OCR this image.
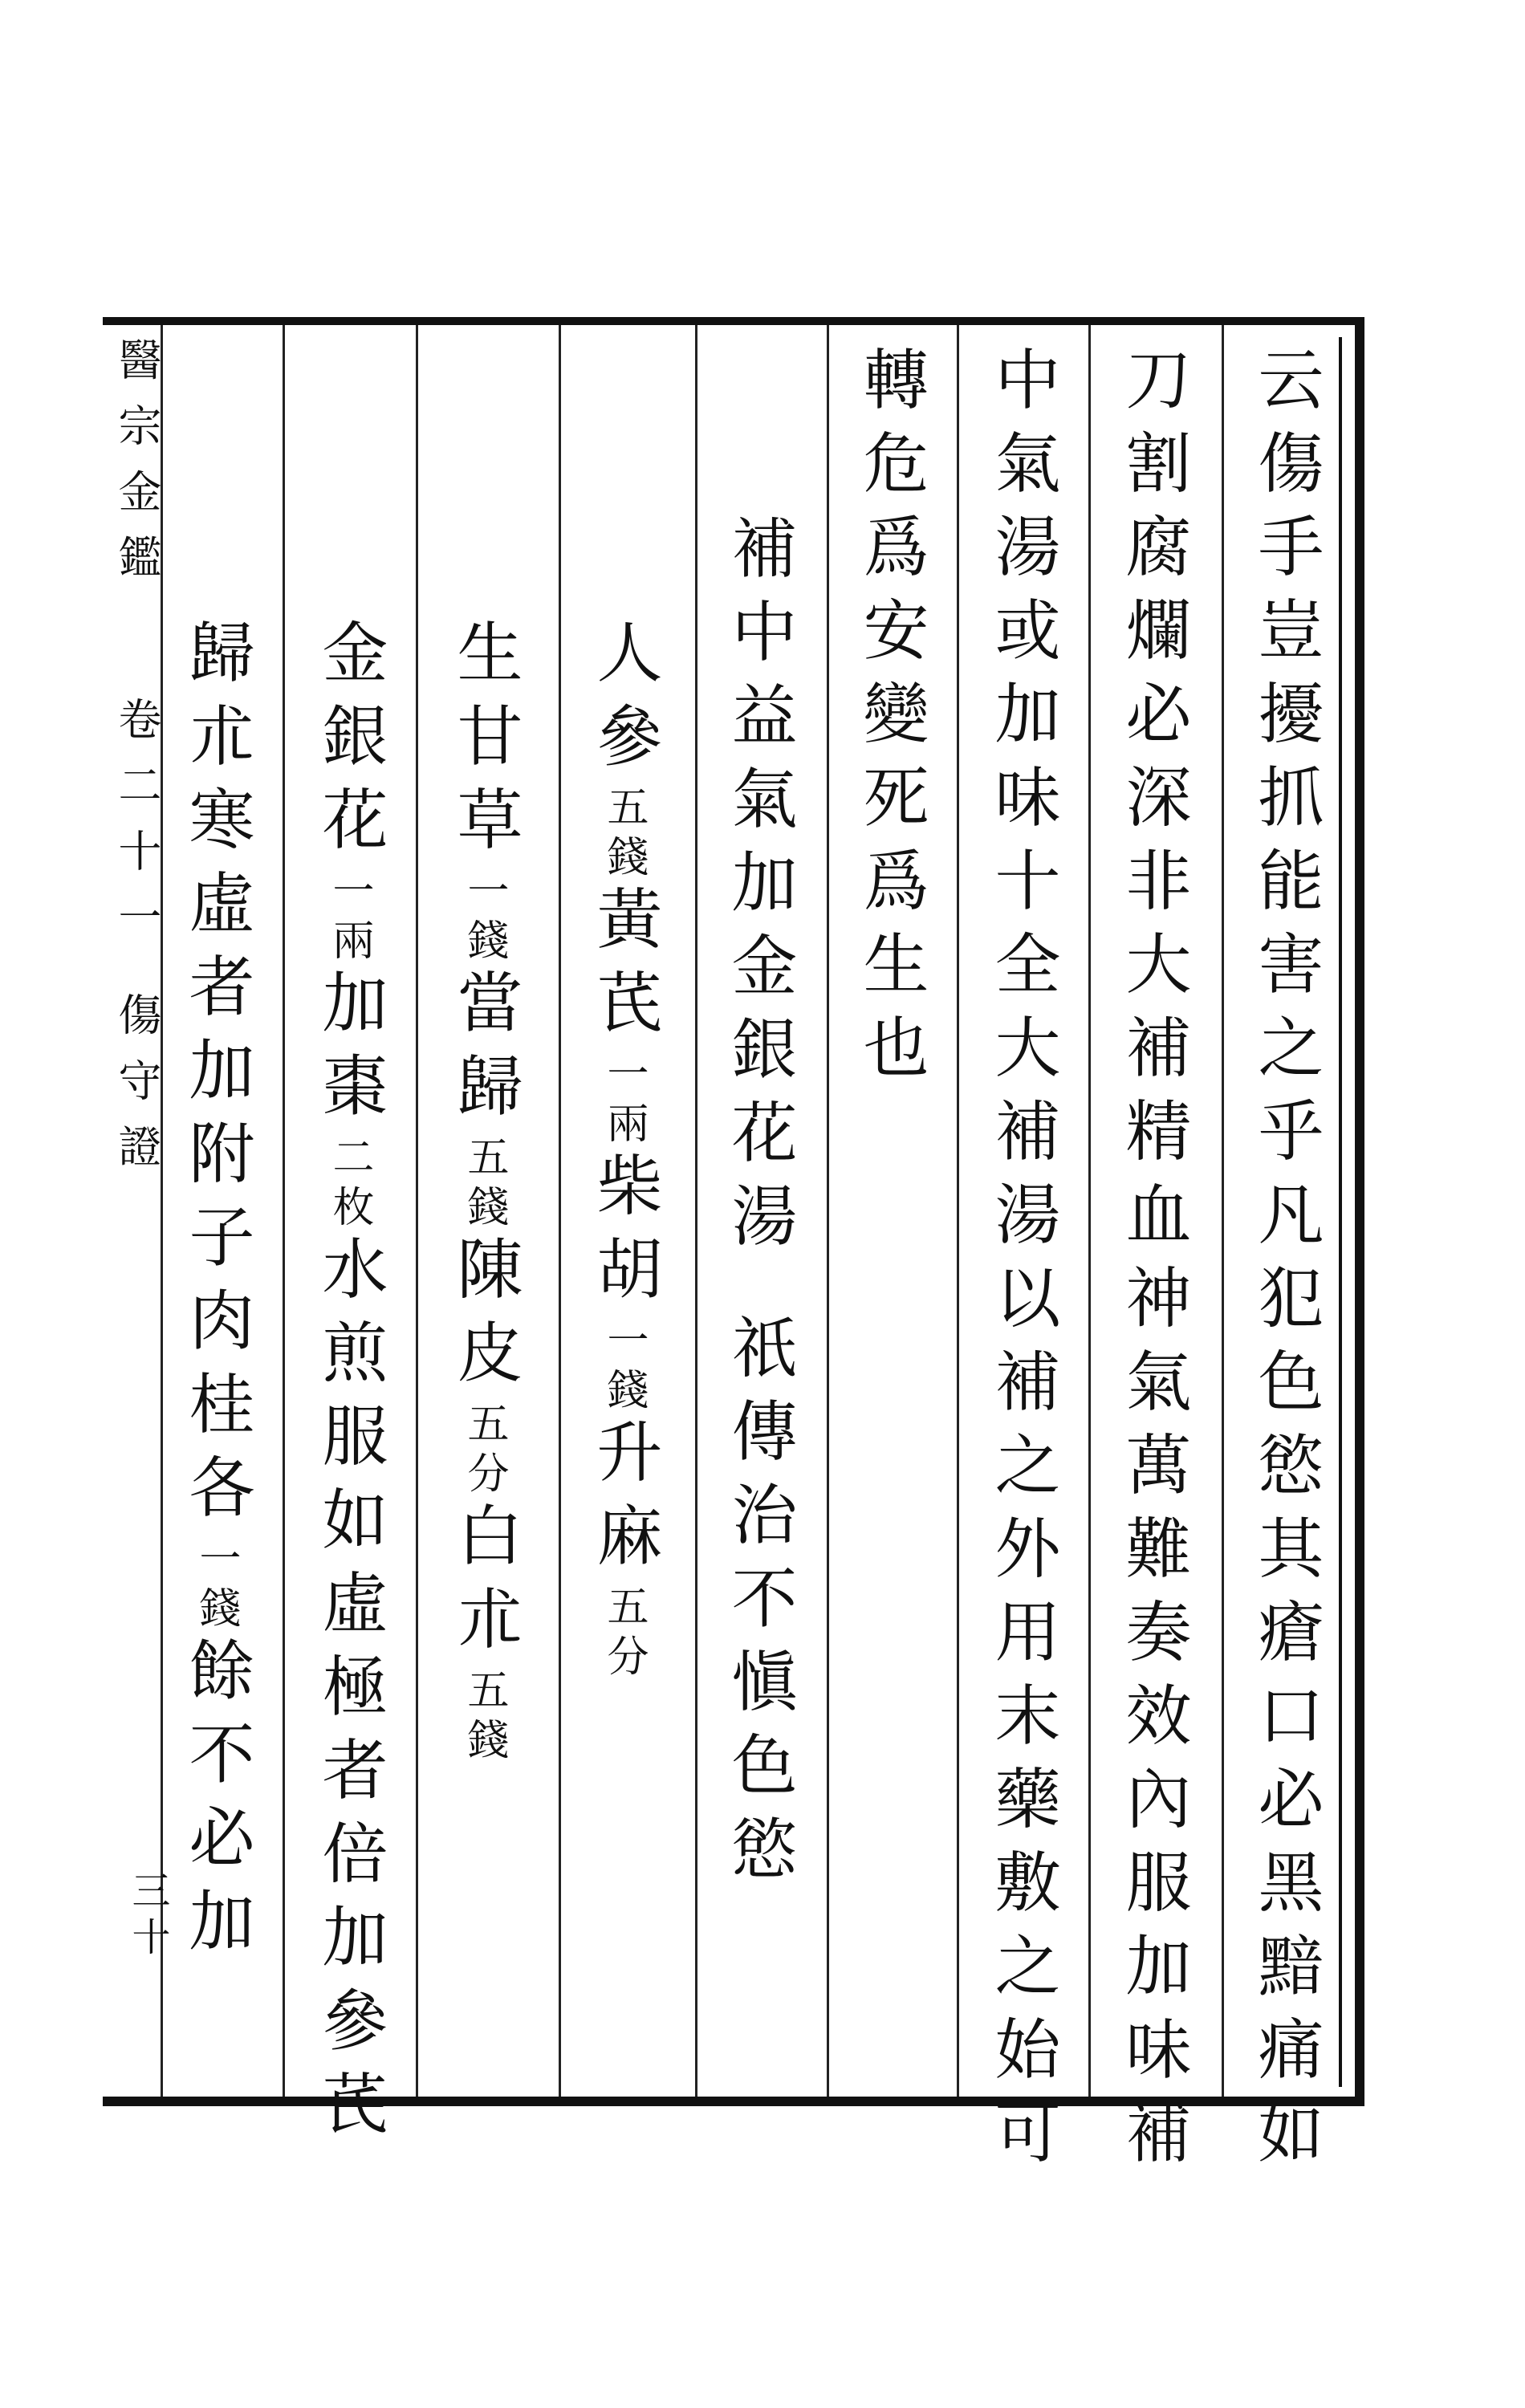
云傷手豈擾抓能害之乎凡犯色慾其瘡口必黑黯痛如
刀割腐爛必深非大補精血神氣萬難奏效內服加味補
中氣湯或加味十全大補湯以補之外用末藥敷之始可
轉危爲安變死爲生也
補中益氣加金銀花湯祇傳治不愼色慾
人參五錢黃芪一兩柴胡一錢升麻五分
生甘草一錢當歸五錢陳皮五分白朮五錢
金銀花一兩加棗二枚水煎服如虛極者倍加參芪
歸朮寒虛者加附子肉桂各一錢餘不必加
醫宗金鑑卷二十一傷守證
三十
